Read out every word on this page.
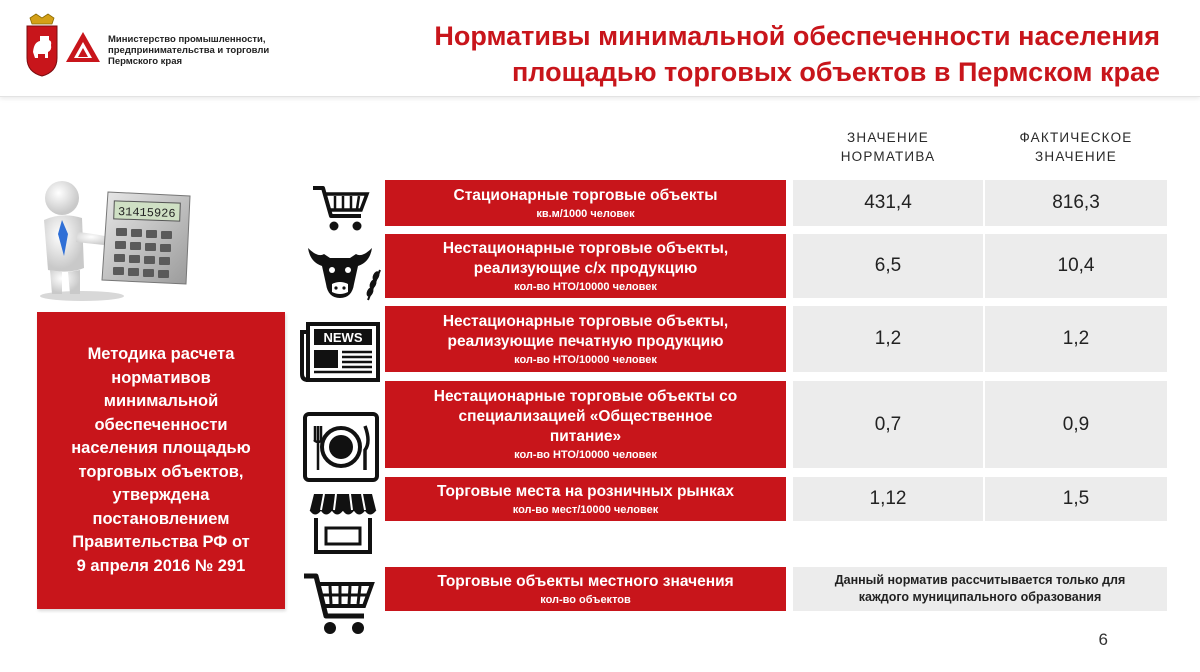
Министерство промышленности,
предпринимательства и торговли
Пермского края
Нормативы минимальной обеспеченности населения
площадью торговых объектов в Пермском крае
ЗНАЧЕНИЕ
НОРМАТИВА
ФАКТИЧЕСКОЕ
ЗНАЧЕНИЕ
31415926
Методика расчета
нормативов
минимальной
обеспеченности
населения площадью
торговых объектов,
утверждена
постановлением
Правительства РФ от
9 апреля 2016 № 291
NEWS
Стационарные торговые объекты
кв.м/1000 человек
431,4	816,3
Нестационарные торговые объекты,
реализующие с/х продукцию
кол-во НТО/10000 человек
6,5	10,4
Нестационарные торговые объекты,
реализующие печатную продукцию
кол-во НТО/10000 человек
1,2	1,2
Нестационарные торговые объекты со
специализацией «Общественное
питание»
кол-во НТО/10000 человек
0,7	0,9
Торговые места на розничных рынках
кол-во мест/10000 человек
1,12	1,5
Торговые объекты местного значения
кол-во объектов
Данный норматив рассчитывается только для
каждого муниципального образования
6
